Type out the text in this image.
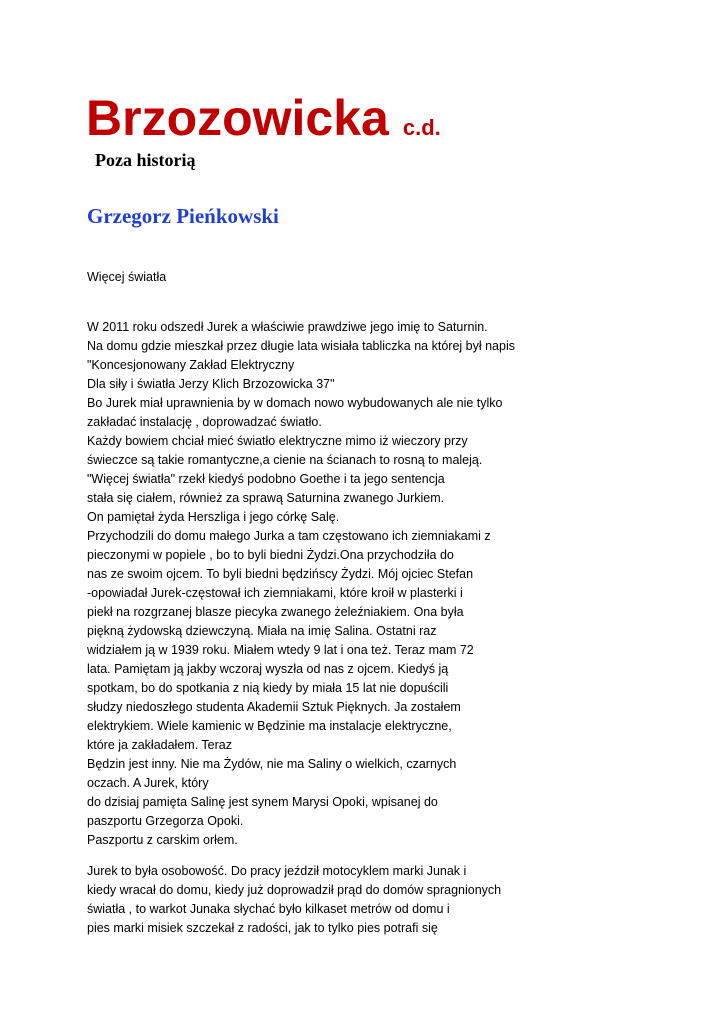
Brzozowicka c.d.
Poza historią
Grzegorz Pieńkowski
Więcej światła
W 2011 roku odszedł Jurek a właściwie prawdziwe jego imię to Saturnin.
Na domu gdzie mieszkał przez długie lata wisiała tabliczka na której był napis
"Koncesjonowany Zakład Elektryczny
Dla siły i światła Jerzy Klich Brzozowicka 37"
Bo Jurek miał uprawnienia by w domach nowo wybudowanych ale nie tylko
zakładać instalację , doprowadzać światło.
Każdy bowiem chciał mieć światło elektryczne mimo iż wieczory przy
świeczce są takie romantyczne,a cienie na ścianach to rosną to maleją.
"Więcej światła" rzekł kiedyś podobno Goethe i ta jego sentencja
stała się ciałem, również za sprawą Saturnina zwanego Jurkiem.
On pamiętał żyda Herszliga i jego córkę Salę.
Przychodzili do domu małego Jurka a tam częstowano ich ziemniakami z
pieczonymi w popiele , bo to byli biedni Żydzi.Ona przychodziła do
nas ze swoim ojcem. To byli biedni będzińscy Żydzi. Mój ojciec Stefan
-opowiadał Jurek-częstował ich ziemniakami, które kroił w plasterki i
piekł na rozgrzanej blasze piecyka zwanego żeleźniakiem. Ona była
piękną żydowską dziewczyną. Miała na imię Salina. Ostatni raz
widziałem ją w 1939 roku. Miałem wtedy 9 lat i ona też. Teraz mam 72
lata. Pamiętam ją jakby wczoraj wyszła od nas z ojcem. Kiedyś ją
spotkam, bo do spotkania z nią kiedy by miała 15 lat nie dopuścili
słudzy niedoszłego studenta Akademii Sztuk Pięknych. Ja zostałem
elektrykiem. Wiele kamienic w Będzinie ma instalacje elektryczne,
które ja zakładałem. Teraz
Będzin jest inny. Nie ma Żydów, nie ma Saliny o wielkich, czarnych
oczach. A Jurek, który
do dzisiaj pamięta Salinę jest synem Marysi Opoki, wpisanej do
paszportu Grzegorza Opoki.
Paszportu z carskim orłem.
Jurek to była osobowość. Do pracy jeździł motocyklem marki Junak i
kiedy wracał do domu, kiedy już doprowadził prąd do domów spragnionych
światła , to warkot Junaka słychać było kilkaset metrów od domu i
pies marki misiek szczekał z radości, jak to tylko pies potrafi się
